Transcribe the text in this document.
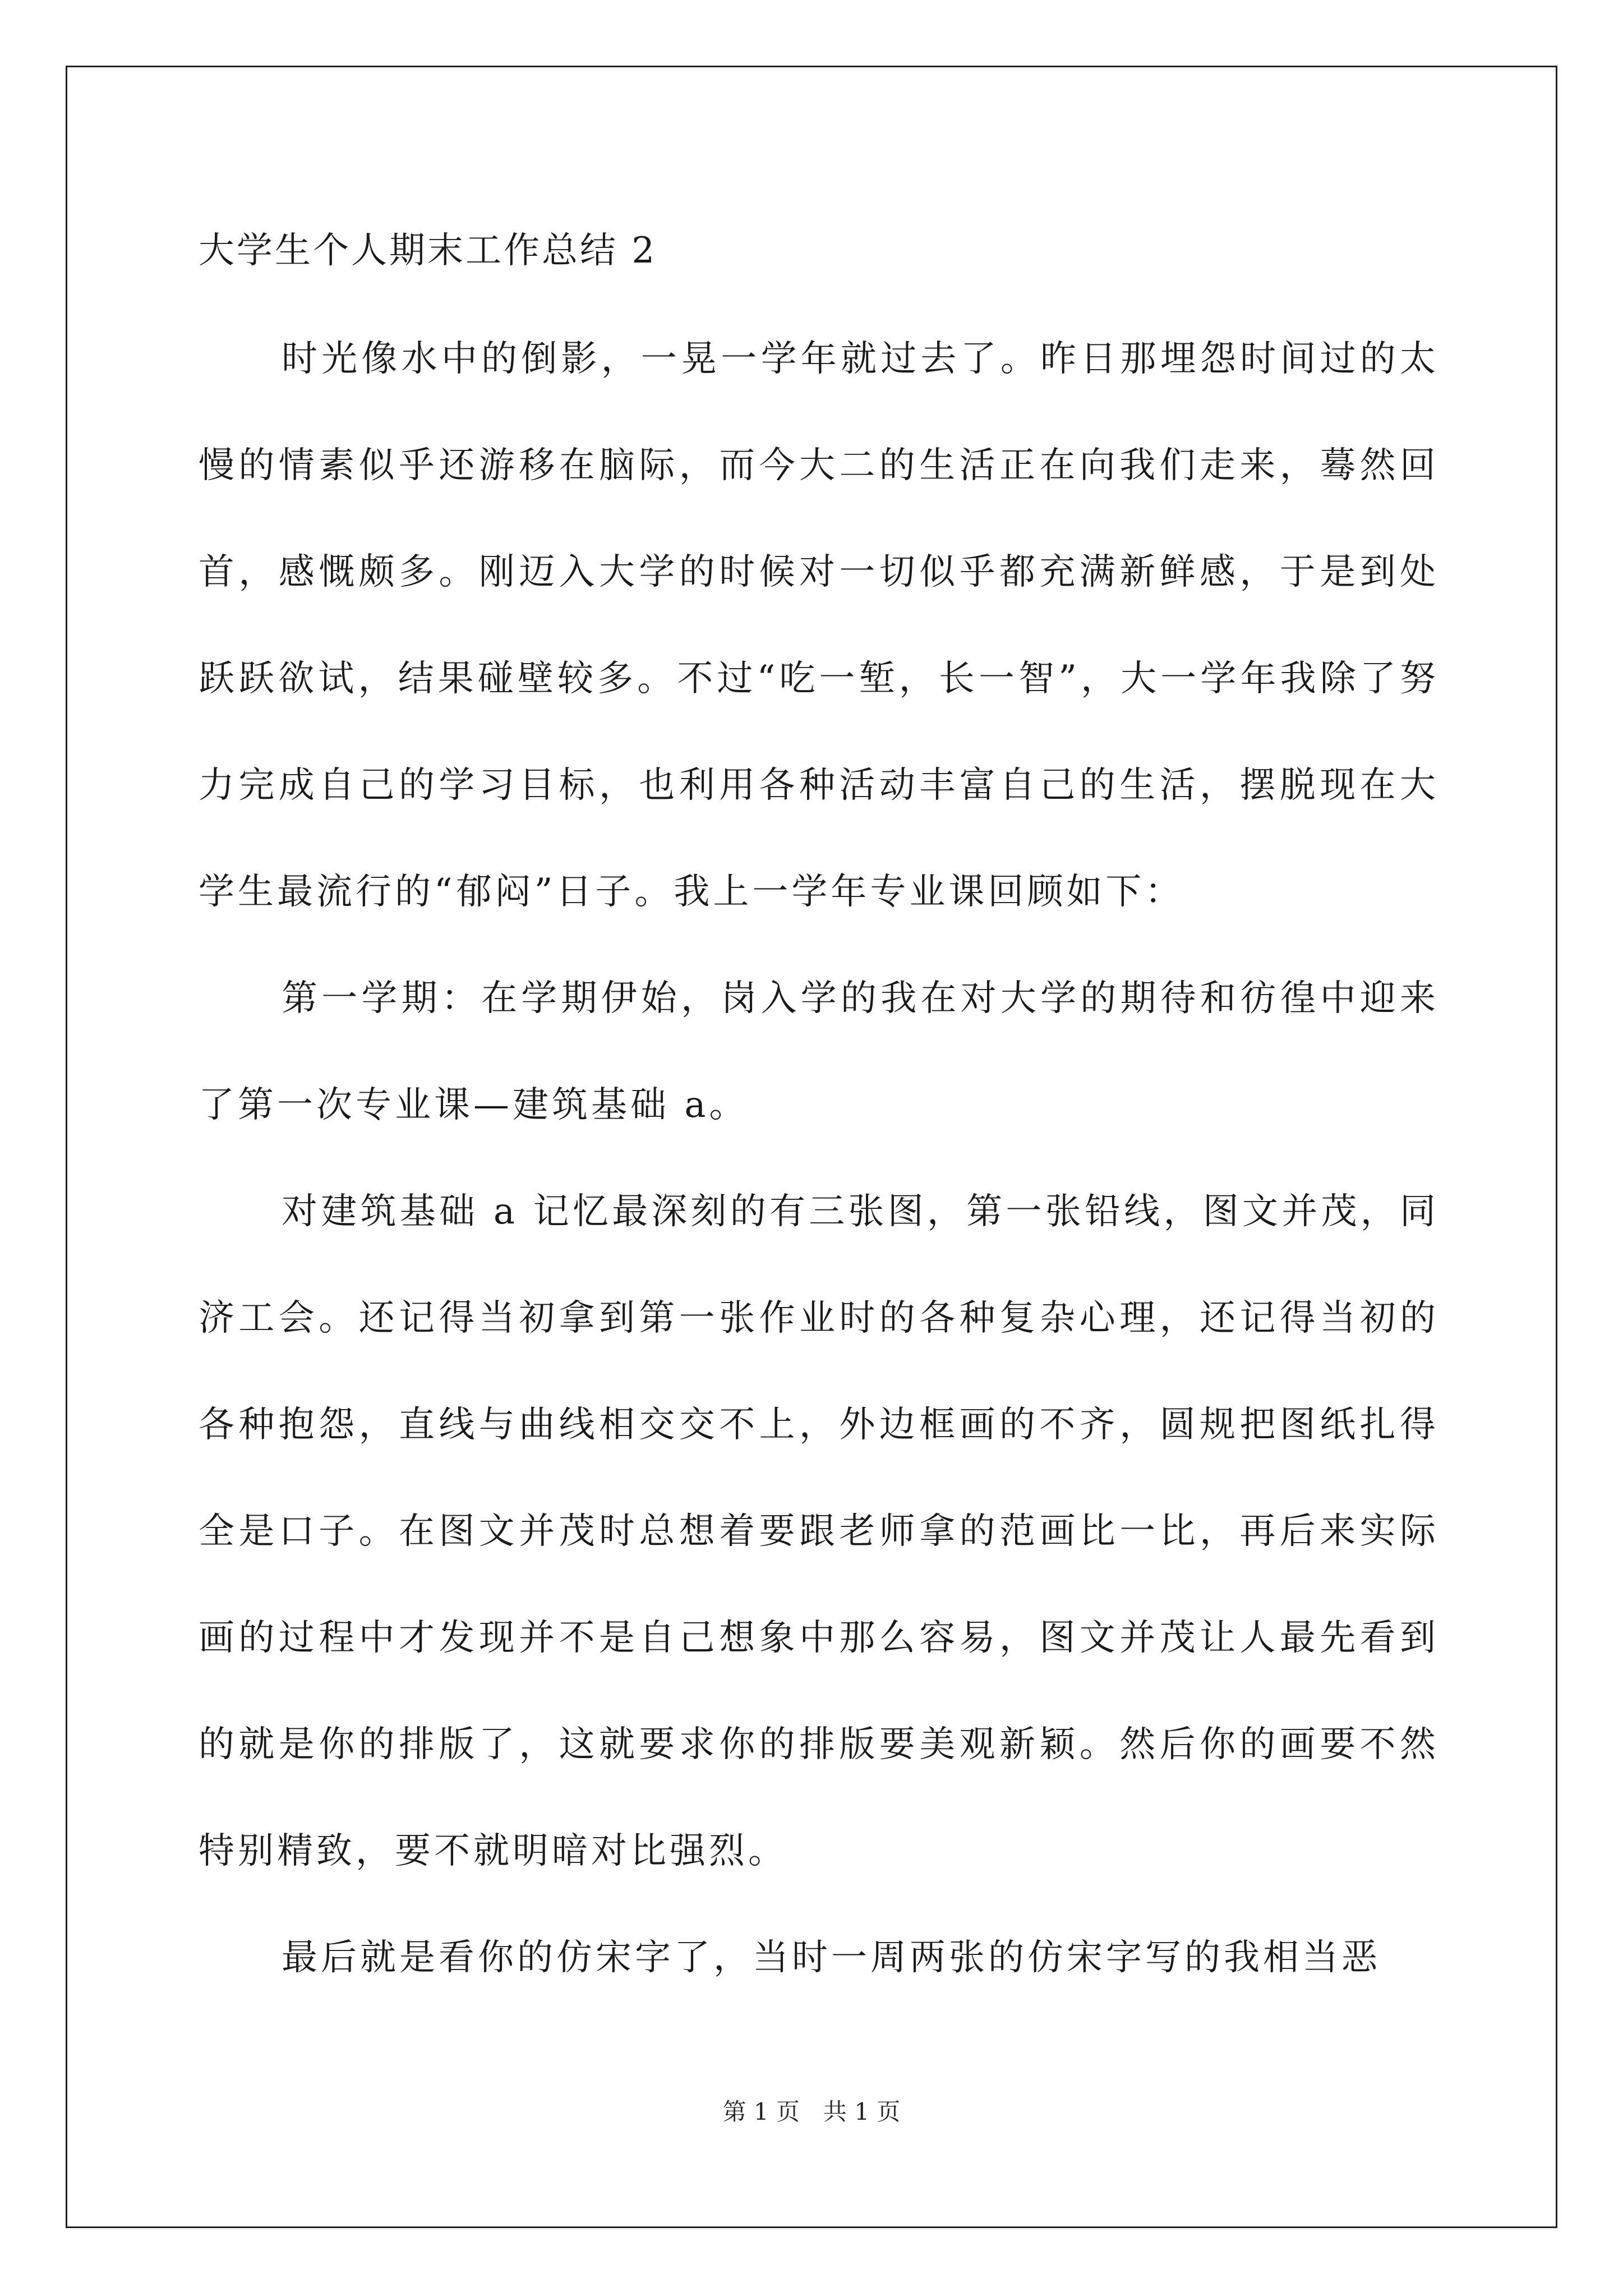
大学生个人期末工作总结 2

时光像水中的倒影，一晃一学年就过去了。昨日那埋怨时间过的太慢的情素似乎还游移在脑际，而今大二的生活正在向我们走来，蓦然回首，感慨颇多。刚迈入大学的时候对一切似乎都充满新鲜感，于是到处跃跃欲试，结果碰壁较多。不过“吃一堑，长一智”，大一学年我除了努力完成自己的学习目标，也利用各种活动丰富自己的生活，摆脱现在大学生最流行的“郁闷”日子。我上一学年专业课回顾如下：

第一学期：在学期伊始，岗入学的我在对大学的期待和彷徨中迎来了第一次专业课—建筑基础 a。

对建筑基础 a 记忆最深刻的有三张图，第一张铅线，图文并茂，同济工会。还记得当初拿到第一张作业时的各种复杂心理，还记得当初的各种抱怨，直线与曲线相交交不上，外边框画的不齐，圆规把图纸扎得全是口子。在图文并茂时总想着要跟老师拿的范画比一比，再后来实际画的过程中才发现并不是自己想象中那么容易，图文并茂让人最先看到的就是你的排版了，这就要求你的排版要美观新颖。然后你的画要不然特别精致，要不就明暗对比强烈。

最后就是看你的仿宋字了，当时一周两张的仿宋字写的我相当恶

第 1 页 共 1 页
